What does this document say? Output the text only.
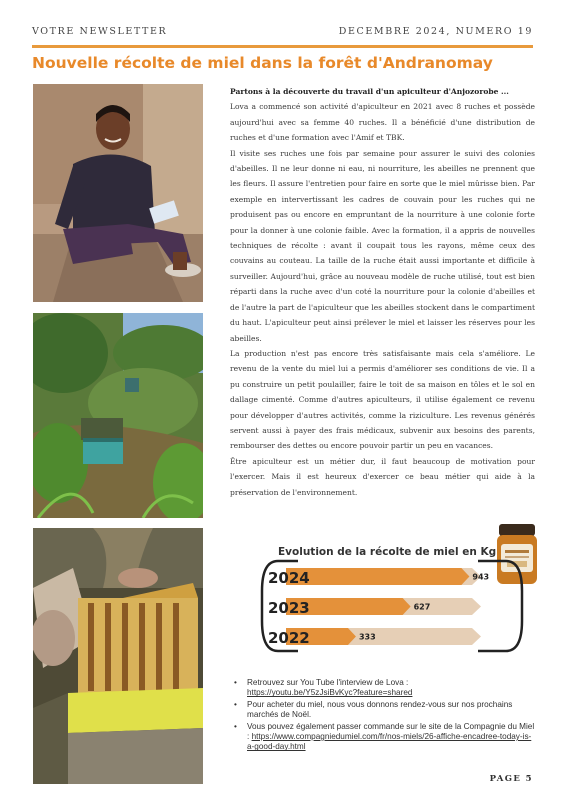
VOTRE NEWSLETTER	DECEMBRE 2024, NUMERO 19
Nouvelle récolte de miel dans la forêt d'Andranomay

Partons à la découverte du travail d'un apiculteur d'Anjozorobe ...

Lova a commencé son activité d'apiculteur en 2021 avec 8 ruches et possède aujourd'hui avec sa femme 40 ruches. Il a bénéficié d'une distribution de ruches et d'une formation avec l'Amif et TBK.

Il visite ses ruches une fois par semaine pour assurer le suivi des colonies d'abeilles. Il ne leur donne ni eau, ni nourriture, les abeilles ne prennent que les fleurs. Il assure l'entretien pour faire en sorte que le miel mûrisse bien. Par exemple en intervertissant les cadres de couvain pour les ruches qui ne produisent pas ou encore en empruntant de la nourriture à une colonie forte pour la donner à une colonie faible. Avec la formation, il a appris de nouvelles techniques de récolte : avant il coupait tous les rayons, même ceux des couvains au couteau. La taille de la ruche était aussi importante et difficile à surveiller. Aujourd'hui, grâce au nouveau modèle de ruche utilisé, tout est bien réparti dans la ruche avec d'un coté la nourriture pour la colonie d'abeilles et de l'autre la part de l'apiculteur que les abeilles stockent dans le compartiment du haut. L'apiculteur peut ainsi prélever le miel et laisser les réserves pour les abeilles.

La production n'est pas encore très satisfaisante mais cela s'améliore. Le revenu de la vente du miel lui a permis d'améliorer ses conditions de vie. Il a pu construire un petit poulailler, faire le toit de sa maison en tôles et le sol en dallage cimenté. Comme d'autres apiculteurs, il utilise également ce revenu pour développer d'autres activités, comme la riziculture. Les revenus générés servent aussi à payer des frais médicaux, subvenir aux besoins des parents, rembourser des dettes ou encore pouvoir partir un peu en vacances.

Être apiculteur est un métier dur, il faut beaucoup de motivation pour l'exercer. Mais il est heureux d'exercer ce beau métier qui aide à la préservation de l'environnement.

Evolution de la récolte de miel en Kg
2024	943
2023	627
2022	333
• Retrouvez sur You Tube l'interview de Lova :
https://youtu.be/Y5zJsiBvKyc?feature=shared
• Pour acheter du miel, nous vous donnons rendez-vous sur nos prochains marchés de Noël.
• Vous pouvez également passer commande sur le site de la Compagnie du Miel : https://www.compagniedumiel.com/fr/nos-miels/26-affiche-encadree-today-is-a-good-day.html
PAGE 5
